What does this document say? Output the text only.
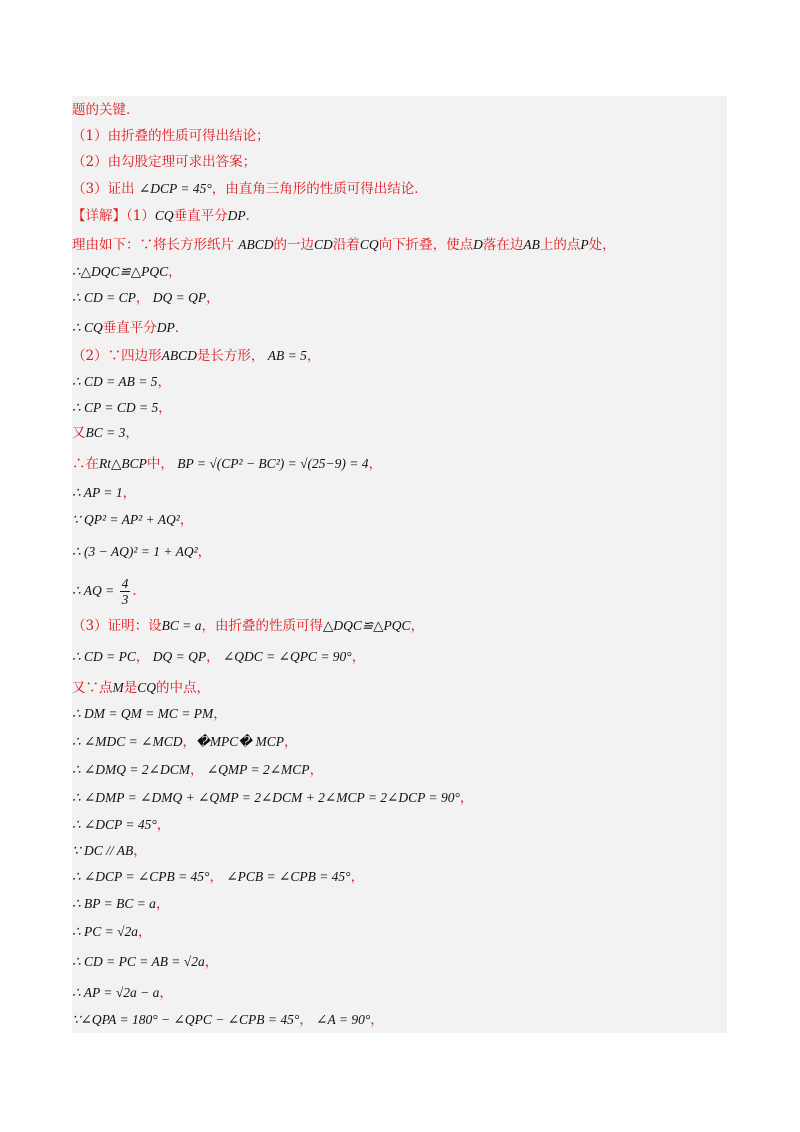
题的关键．
（1）由折叠的性质可得出结论；
（2）由勾股定理可求出答案；
（3）证出 ∠DCP = 45°，由直角三角形的性质可得出结论．
【详解】（1）CQ垂直平分DP．
理由如下：∵将长方形纸片 ABCD的一边CD沿着CQ向下折叠，使点D落在边AB上的点P处，
∴△DQC≌△PQC，
∴ CD = CP， DQ = QP，
∴ CQ垂直平分DP．
（2）∵四边形ABCD是长方形， AB = 5，
∴ CD = AB = 5，
∴ CP = CD = 5，
又BC = 3，
∴在Rt△BCP中， BP = √(CP² − BC²) = √(25−9) = 4，
∴ AP = 1，
∵ QP² = AP² + AQ²，
∴ (3 − AQ)² = 1 + AQ²，
∴ AQ = $\frac{4}{3}$ ．
（3）证明：设BC = a，由折叠的性质可得△DQC≌△PQC，
∴ CD = PC， DQ = QP， ∠QDC = ∠QPC = 90°，
又∵点M是CQ的中点，
∴ DM = QM = MC = PM，
∴ ∠MDC = ∠MCD，�MPC� MCP，
∴ ∠DMQ = 2∠DCM， ∠QMP = 2∠MCP，
∴ ∠DMP = ∠DMQ + ∠QMP = 2∠DCM + 2∠MCP = 2∠DCP = 90°，
∴ ∠DCP = 45°，
∵ DC // AB，
∴ ∠DCP = ∠CPB = 45°， ∠PCB = ∠CPB = 45°，
∴ BP = BC = a，
∴ PC = √2a，
∴ CD = PC = AB = √2a，
∴ AP = √2a − a，
∵∠QPA = 180° − ∠QPC − ∠CPB = 45°， ∠A = 90°，
